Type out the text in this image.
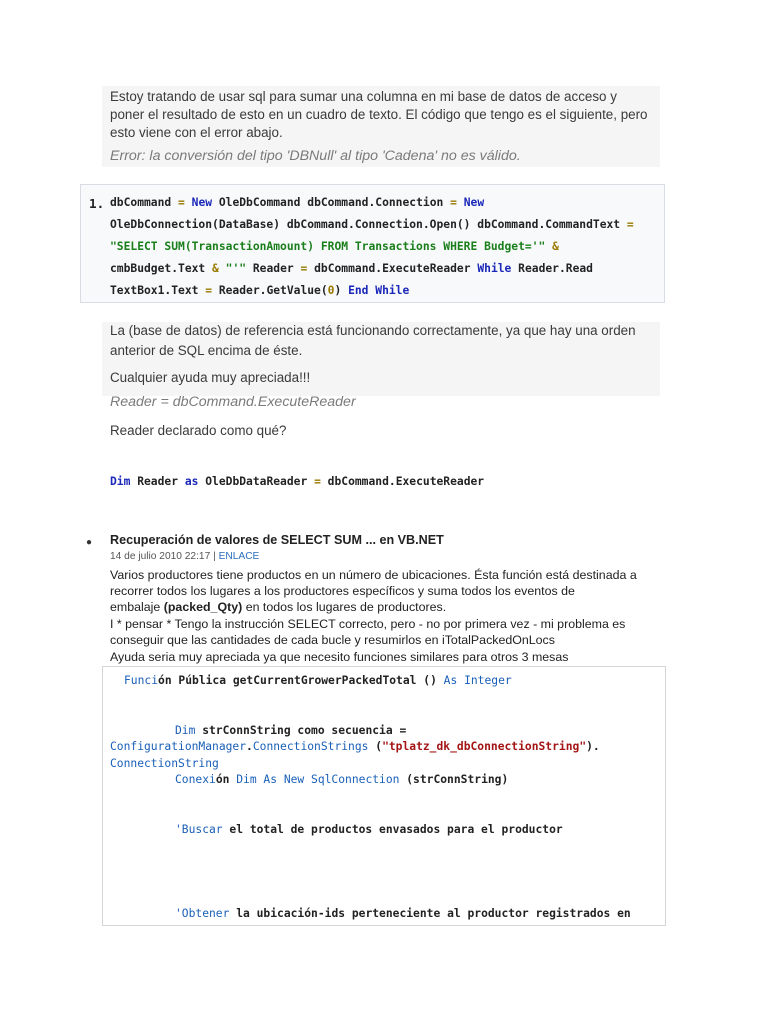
Estoy tratando de usar sql para sumar una columna en mi base de datos de acceso y
poner el resultado de esto en un cuadro de texto. El código que tengo es el siguiente, pero
esto viene con el error abajo.
Error: la conversión del tipo 'DBNull' al tipo 'Cadena' no es válido.
1. dbCommand = New OleDbCommand dbCommand.Connection = New
OleDbConnection(DataBase) dbCommand.Connection.Open() dbCommand.CommandText =
"SELECT SUM(TransactionAmount) FROM Transactions WHERE Budget='" &
cmbBudget.Text & "'" Reader = dbCommand.ExecuteReader While Reader.Read
TextBox1.Text = Reader.GetValue(0) End While
La (base de datos) de referencia está funcionando correctamente, ya que hay una orden
anterior de SQL encima de éste.
Cualquier ayuda muy apreciada!!!
Reader = dbCommand.ExecuteReader
Reader declarado como qué?
Dim Reader as OleDbDataReader = dbCommand.ExecuteReader
● Recuperación de valores de SELECT SUM ... en VB.NET
14 de julio 2010 22:17 | ENLACE
Varios productores tiene productos en un número de ubicaciones. Ésta función está destinada a
recorrer todos los lugares a los productores específicos y suma todos los eventos de
embalaje (packed_Qty) en todos los lugares de productores.
I * pensar * Tengo la instrucción SELECT correcto, pero - no por primera vez - mi problema es
conseguir que las cantidades de cada bucle y resumirlos en iTotalPackedOnLocs
Ayuda seria muy apreciada ya que necesito funciones similares para otros 3 mesas
Función Pública getCurrentGrowerPackedTotal () As Integer
Dim strConnString como secuencia =
ConfigurationManager.ConnectionStrings ("tplatz_dk_dbConnectionString").
ConnectionString
Conexión Dim As New SqlConnection (strConnString)
'Buscar el total de productos envasados para el productor
'Obtener la ubicación-ids perteneciente al productor registrados en
